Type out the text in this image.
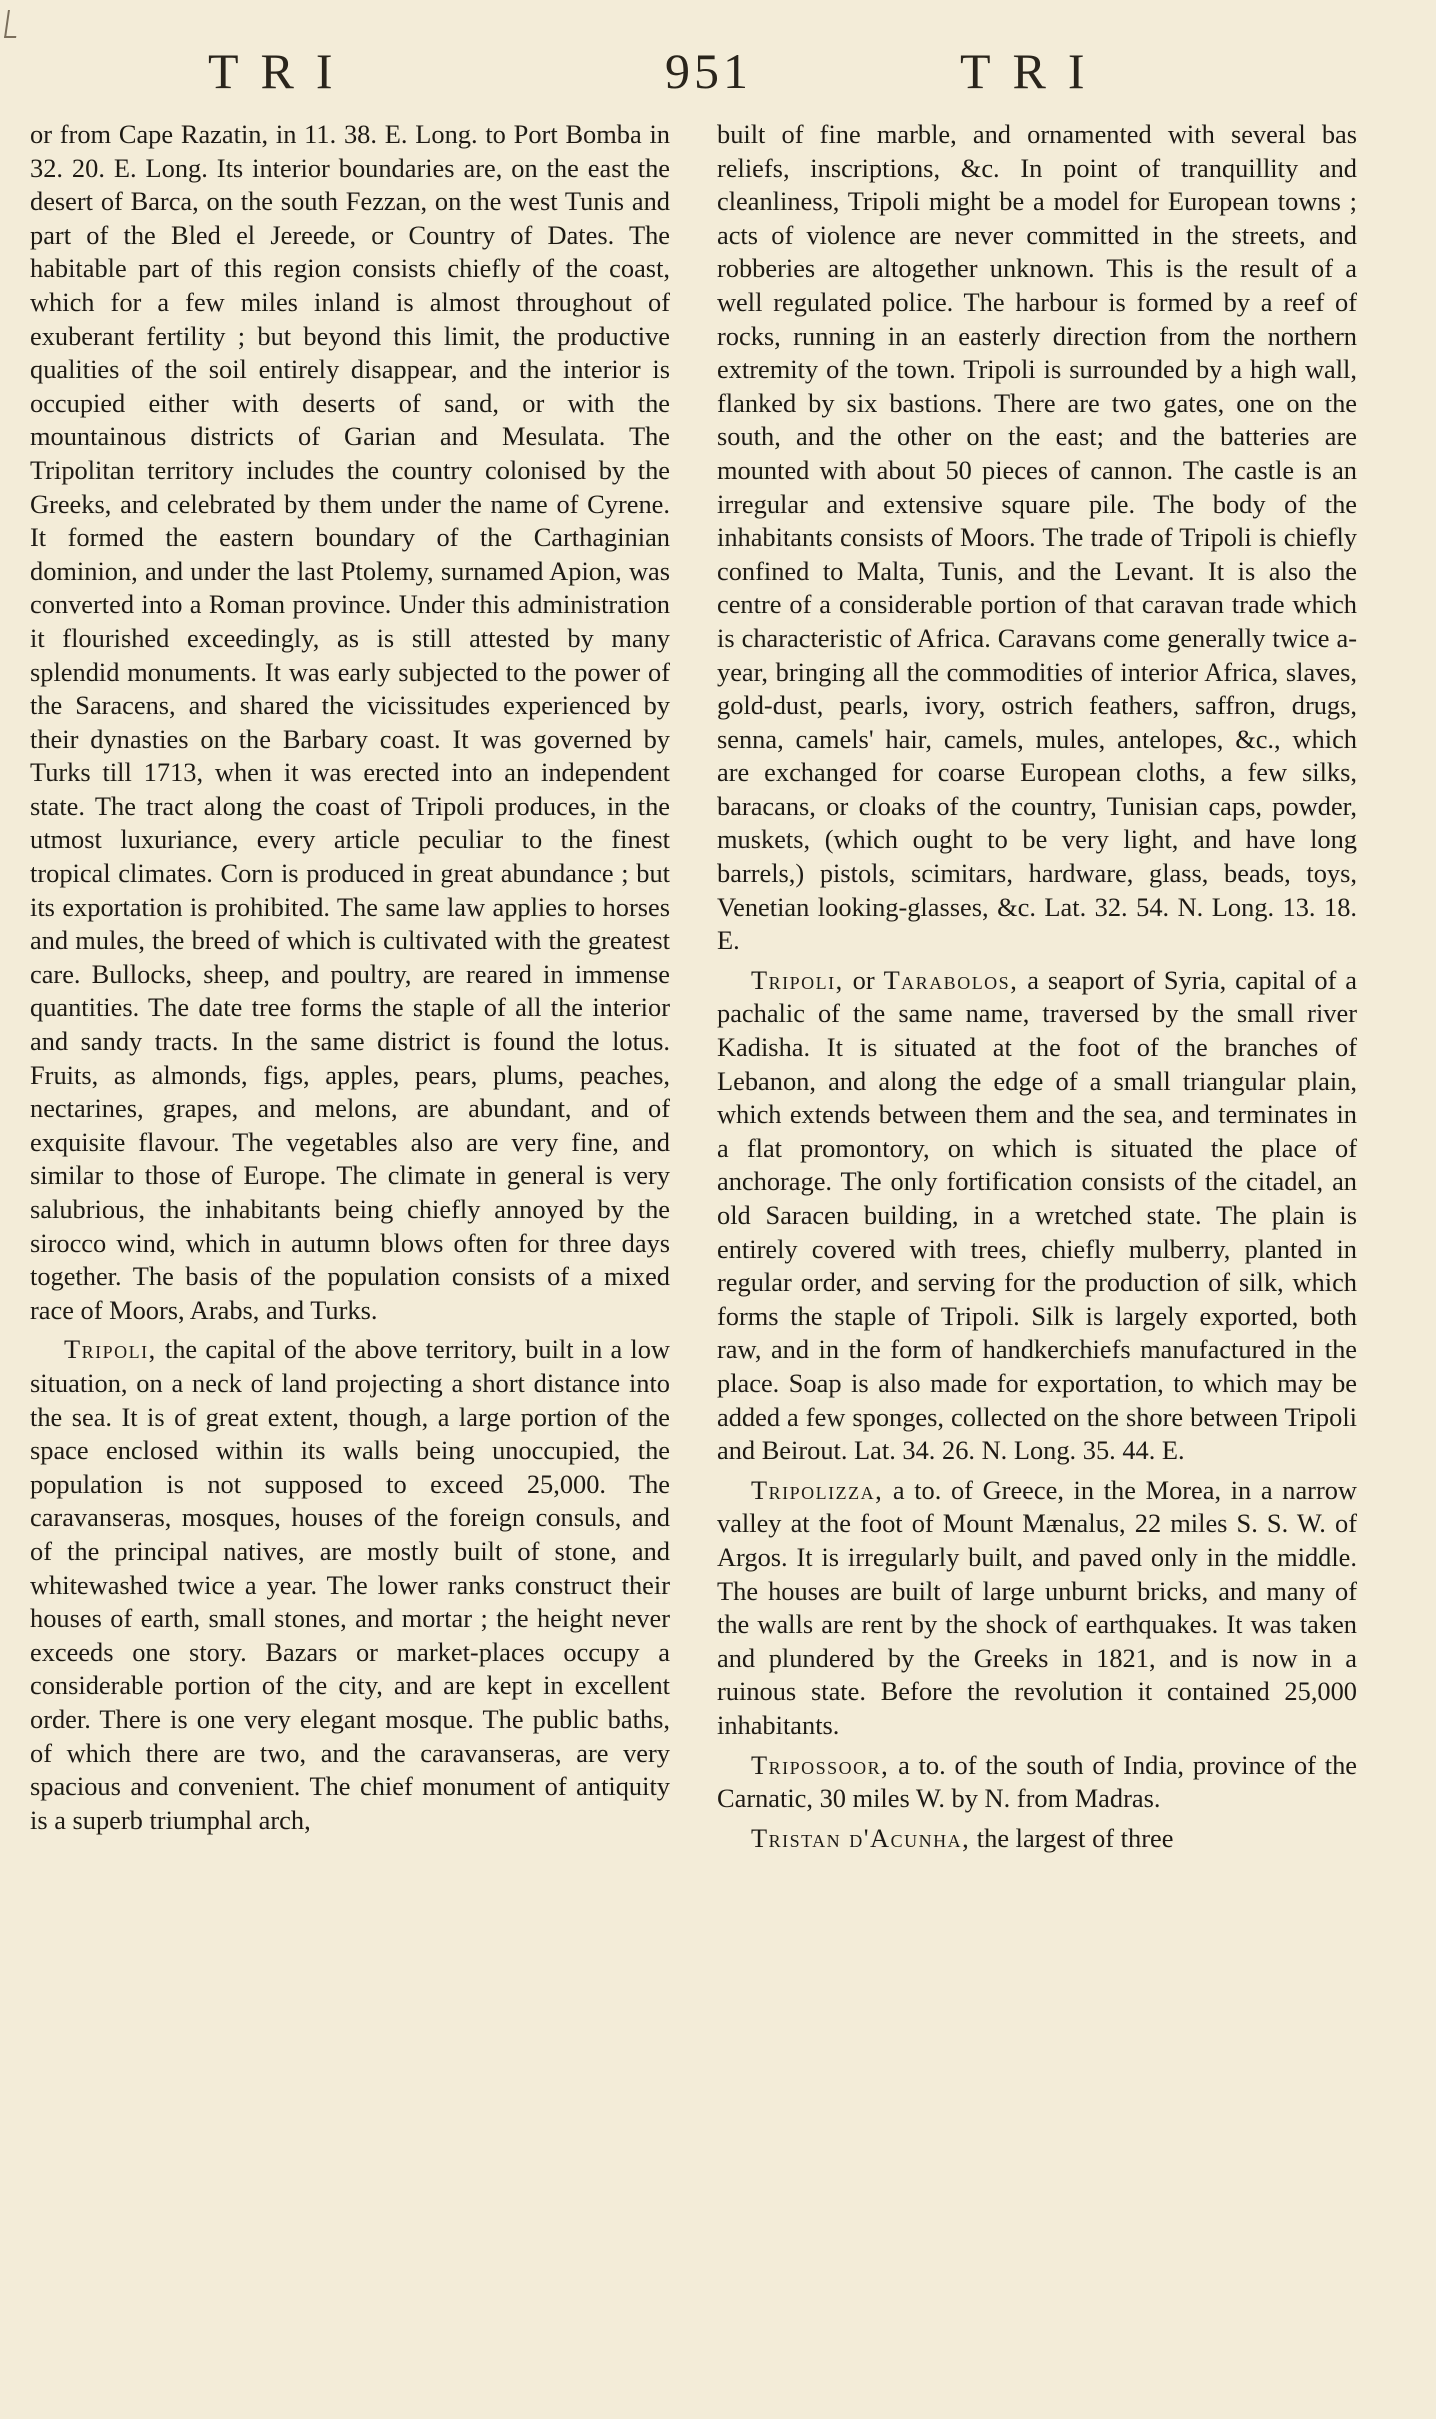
TRI	951	TRI

or from Cape Razatin, in 11. 38. E. Long. to Port Bomba in 32. 20. E. Long. Its interior boundaries are, on the east the desert of Barca, on the south Fezzan, on the west Tunis and part of the Bled el Jereede, or Country of Dates. The habitable part of this region consists chiefly of the coast, which for a few miles inland is almost throughout of exuberant fertility ; but beyond this limit, the productive qualities of the soil entirely disappear, and the interior is occupied either with deserts of sand, or with the mountainous districts of Garian and Mesulata. The Tripolitan territory includes the country colonised by the Greeks, and celebrated by them under the name of Cyrene. It formed the eastern boundary of the Carthaginian dominion, and under the last Ptolemy, surnamed Apion, was converted into a Roman province. Under this administration it flourished exceedingly, as is still attested by many splendid monuments. It was early subjected to the power of the Saracens, and shared the vicissitudes experienced by their dynasties on the Barbary coast. It was governed by Turks till 1713, when it was erected into an independent state. The tract along the coast of Tripoli produces, in the utmost luxuriance, every article peculiar to the finest tropical climates. Corn is produced in great abundance ; but its exportation is prohibited. The same law applies to horses and mules, the breed of which is cultivated with the greatest care. Bullocks, sheep, and poultry, are reared in immense quantities. The date tree forms the staple of all the interior and sandy tracts. In the same district is found the lotus. Fruits, as almonds, figs, apples, pears, plums, peaches, nectarines, grapes, and melons, are abundant, and of exquisite flavour. The vegetables also are very fine, and similar to those of Europe. The climate in general is very salubrious, the inhabitants being chiefly annoyed by the sirocco wind, which in autumn blows often for three days together. The basis of the population consists of a mixed race of Moors, Arabs, and Turks.

Tripoli, the capital of the above territory, built in a low situation, on a neck of land projecting a short distance into the sea. It is of great extent, though, a large portion of the space enclosed within its walls being unoccupied, the population is not supposed to exceed 25,000. The caravanseras, mosques, houses of the foreign consuls, and of the principal natives, are mostly built of stone, and whitewashed twice a year. The lower ranks construct their houses of earth, small stones, and mortar ; the height never exceeds one story. Bazars or market-places occupy a considerable portion of the city, and are kept in excellent order. There is one very elegant mosque. The public baths, of which there are two, and the caravanseras, are very spacious and convenient. The chief monument of antiquity is a superb triumphal arch,

built of fine marble, and ornamented with several bas reliefs, inscriptions, &c. In point of tranquillity and cleanliness, Tripoli might be a model for European towns ; acts of violence are never committed in the streets, and robberies are altogether unknown. This is the result of a well regulated police. The harbour is formed by a reef of rocks, running in an easterly direction from the northern extremity of the town. Tripoli is surrounded by a high wall, flanked by six bastions. There are two gates, one on the south, and the other on the east; and the batteries are mounted with about 50 pieces of cannon. The castle is an irregular and extensive square pile. The body of the inhabitants consists of Moors. The trade of Tripoli is chiefly confined to Malta, Tunis, and the Levant. It is also the centre of a considerable portion of that caravan trade which is characteristic of Africa. Caravans come generally twice a-year, bringing all the commodities of interior Africa, slaves, gold-dust, pearls, ivory, ostrich feathers, saffron, drugs, senna, camels' hair, camels, mules, antelopes, &c., which are exchanged for coarse European cloths, a few silks, baracans, or cloaks of the country, Tunisian caps, powder, muskets, (which ought to be very light, and have long barrels,) pistols, scimitars, hardware, glass, beads, toys, Venetian looking-glasses, &c. Lat. 32. 54. N. Long. 13. 18. E.

Tripoli, or Tarabolos, a seaport of Syria, capital of a pachalic of the same name, traversed by the small river Kadisha. It is situated at the foot of the branches of Lebanon, and along the edge of a small triangular plain, which extends between them and the sea, and terminates in a flat promontory, on which is situated the place of anchorage. The only fortification consists of the citadel, an old Saracen building, in a wretched state. The plain is entirely covered with trees, chiefly mulberry, planted in regular order, and serving for the production of silk, which forms the staple of Tripoli. Silk is largely exported, both raw, and in the form of handkerchiefs manufactured in the place. Soap is also made for exportation, to which may be added a few sponges, collected on the shore between Tripoli and Beirout. Lat. 34. 26. N. Long. 35. 44. E.

Tripolizza, a to. of Greece, in the Morea, in a narrow valley at the foot of Mount Mænalus, 22 miles S. S. W. of Argos. It is irregularly built, and paved only in the middle. The houses are built of large unburnt bricks, and many of the walls are rent by the shock of earthquakes. It was taken and plundered by the Greeks in 1821, and is now in a ruinous state. Before the revolution it contained 25,000 inhabitants.

Tripossoor, a to. of the south of India, province of the Carnatic, 30 miles W. by N. from Madras.

Tristan d'Acunha, the largest of three
